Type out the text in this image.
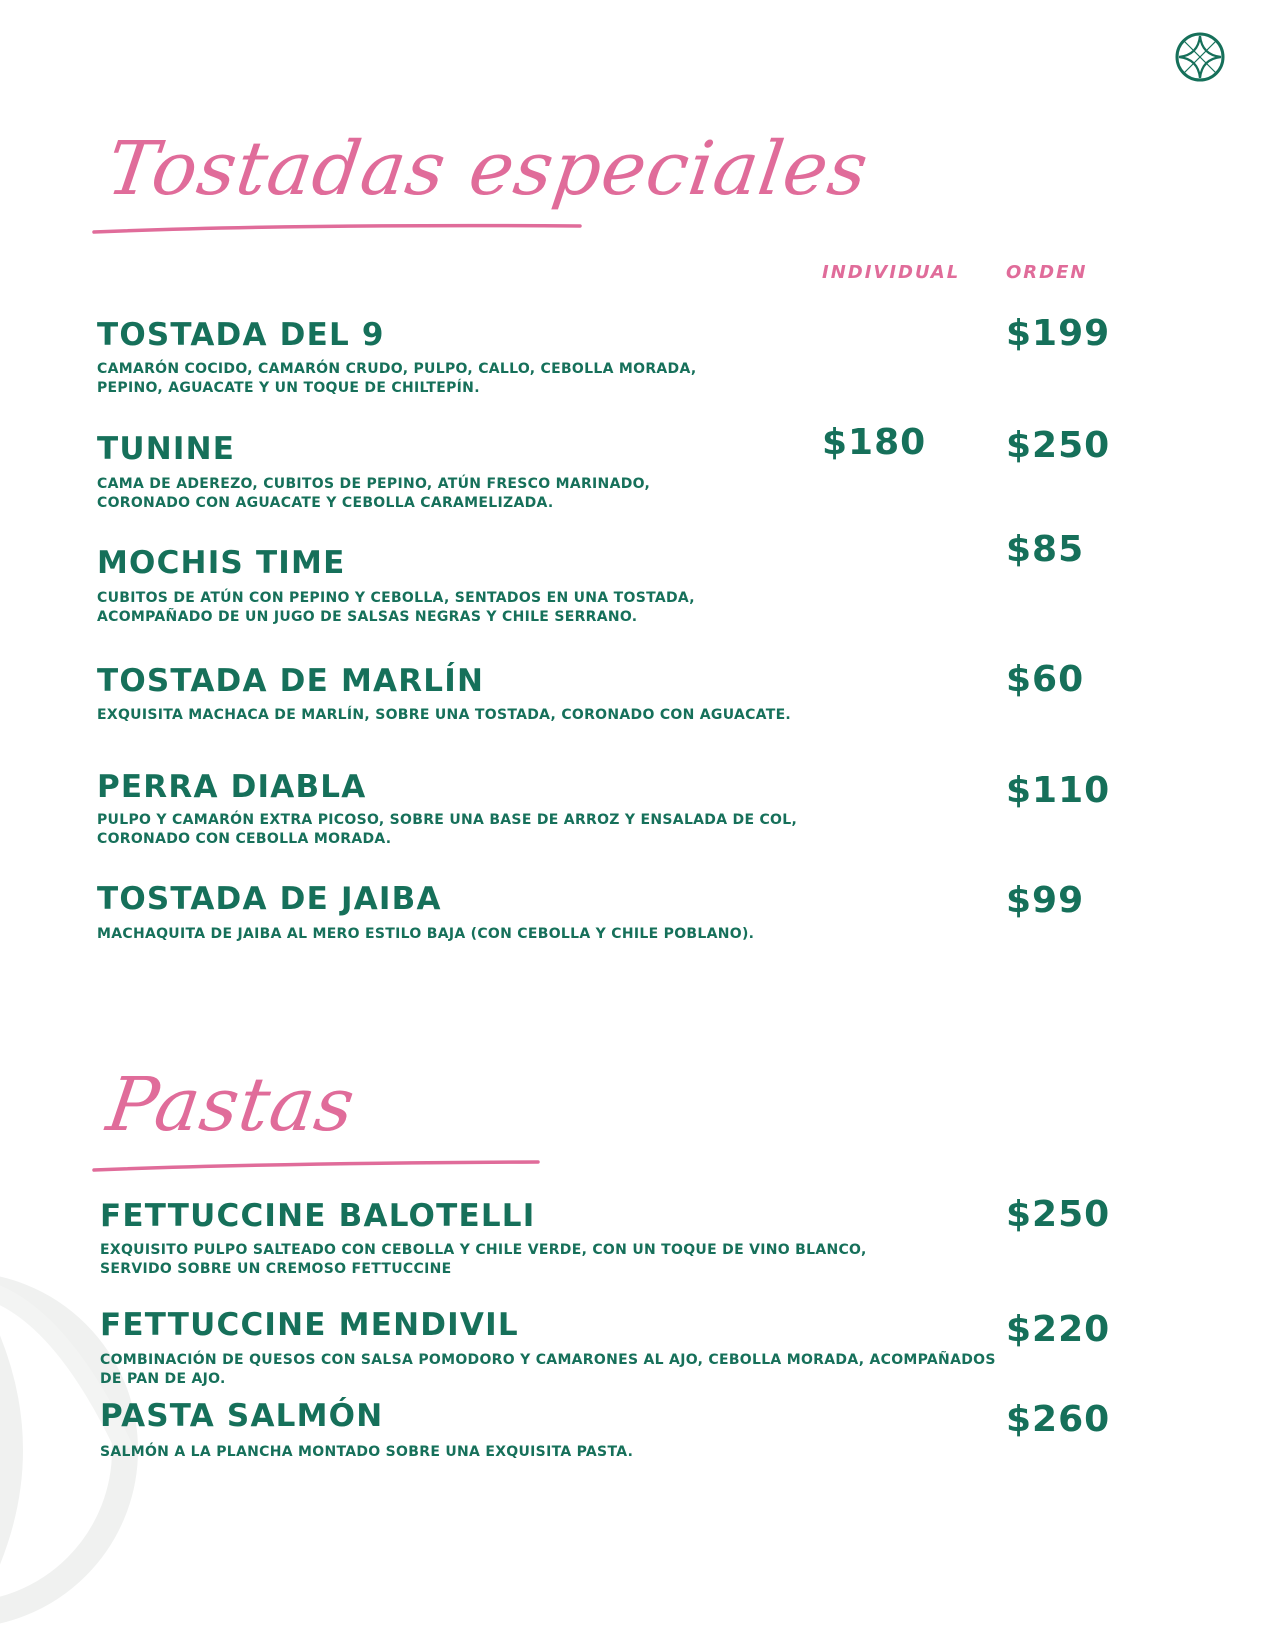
Tostadas especiales
INDIVIDUAL	ORDEN
TOSTADA DEL 9
CAMARÓN COCIDO, CAMARÓN CRUDO, PULPO, CALLO, CEBOLLA MORADA,
PEPINO, AGUACATE Y UN TOQUE DE CHILTEPÍN.
$199
TUNINE
CAMA DE ADEREZO, CUBITOS DE PEPINO, ATÚN FRESCO MARINADO,
CORONADO CON AGUACATE Y CEBOLLA CARAMELIZADA.
$180 $250
MOCHIS TIME
CUBITOS DE ATÚN CON PEPINO Y CEBOLLA, SENTADOS EN UNA TOSTADA,
ACOMPAÑADO DE UN JUGO DE SALSAS NEGRAS Y CHILE SERRANO.
$85
TOSTADA DE MARLÍN
EXQUISITA MACHACA DE MARLÍN, SOBRE UNA TOSTADA, CORONADO CON AGUACATE.
$60
PERRA DIABLA
PULPO Y CAMARÓN EXTRA PICOSO, SOBRE UNA BASE DE ARROZ Y ENSALADA DE COL,
CORONADO CON CEBOLLA MORADA.
$110
TOSTADA DE JAIBA
MACHAQUITA DE JAIBA AL MERO ESTILO BAJA (CON CEBOLLA Y CHILE POBLANO).
$99
Pastas
FETTUCCINE BALOTELLI
EXQUISITO PULPO SALTEADO CON CEBOLLA Y CHILE VERDE, CON UN TOQUE DE VINO BLANCO,
SERVIDO SOBRE UN CREMOSO FETTUCCINE
$250
FETTUCCINE MENDIVIL
COMBINACIÓN DE QUESOS CON SALSA POMODORO Y CAMARONES AL AJO, CEBOLLA MORADA, ACOMPAÑADOS
DE PAN DE AJO.
$220
PASTA SALMÓN
SALMÓN A LA PLANCHA MONTADO SOBRE UNA EXQUISITA PASTA.
$260
